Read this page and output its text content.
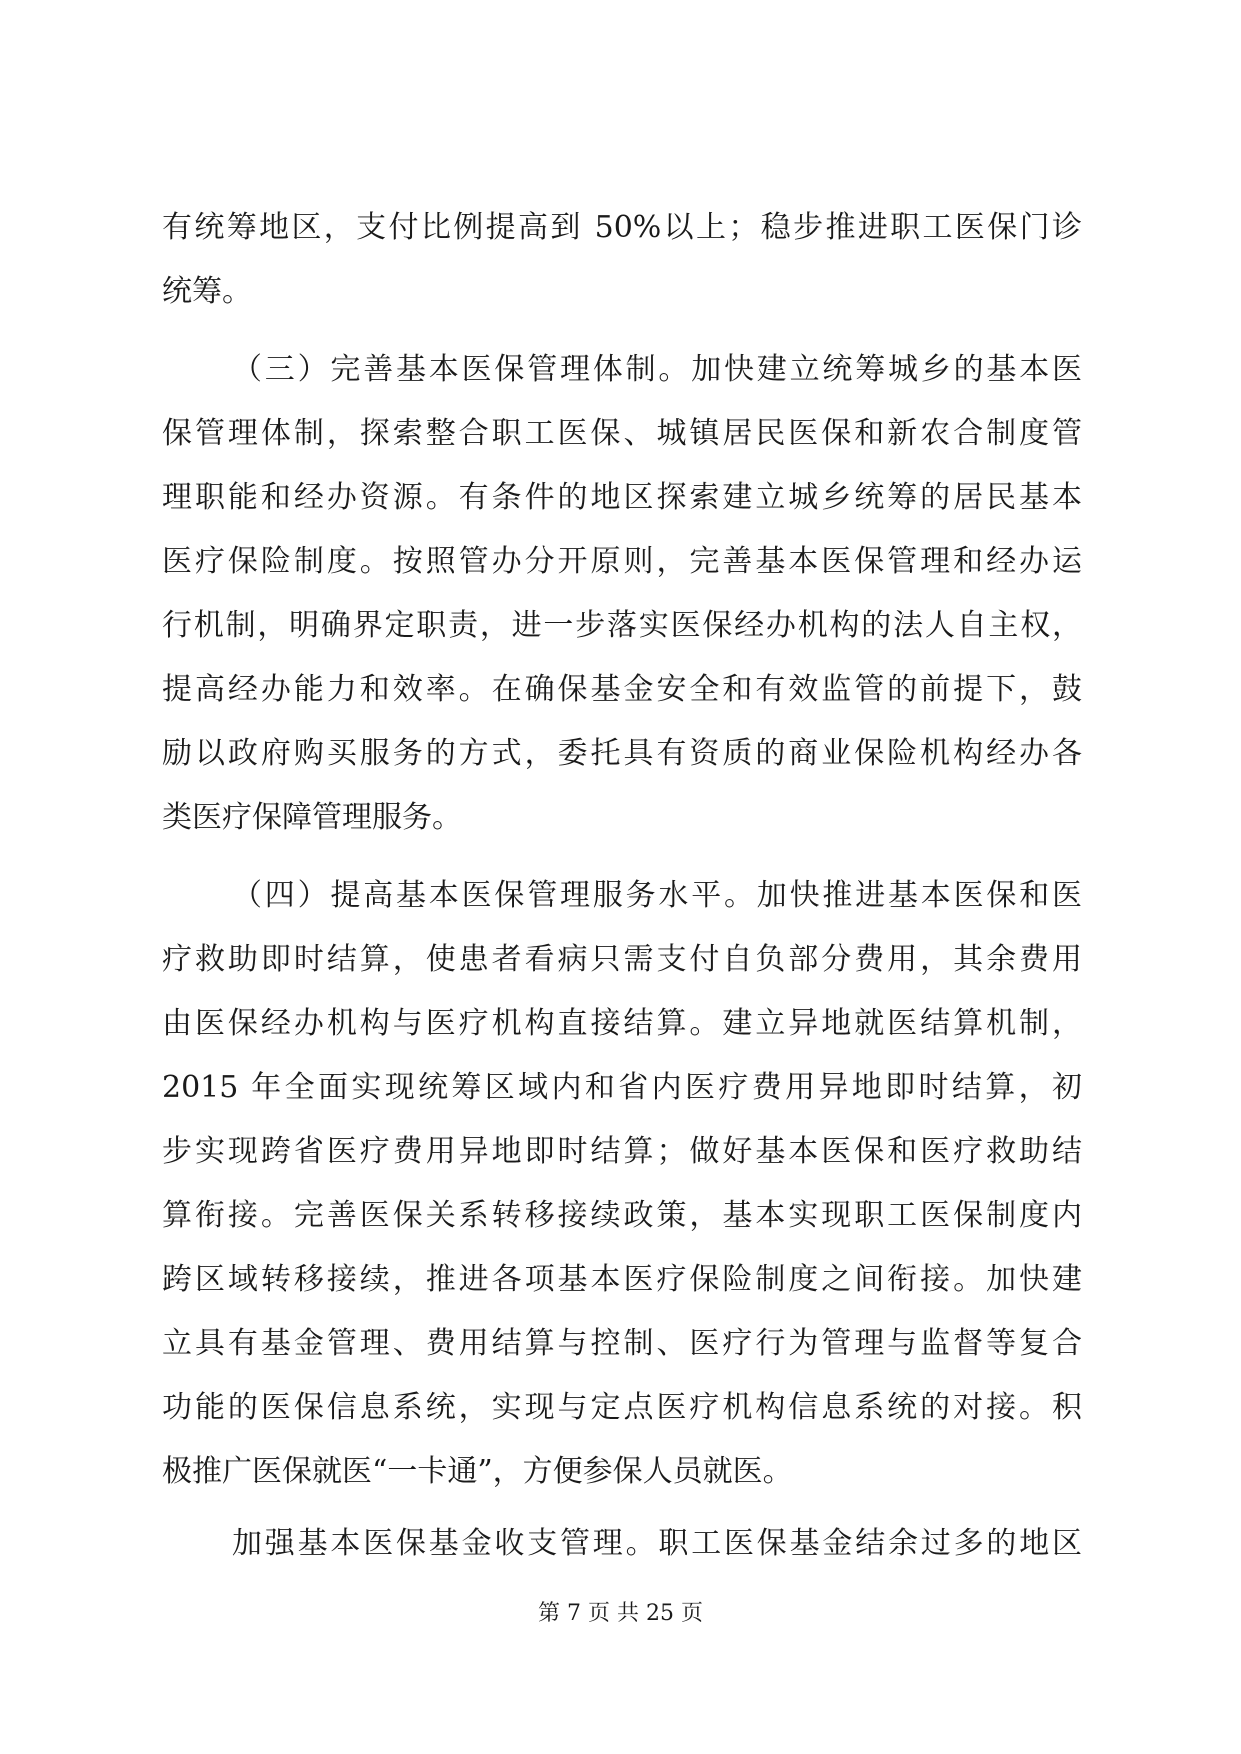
有统筹地区，支付比例提高到 50%以上；稳步推进职工医保门诊
统筹。
（三）完善基本医保管理体制。加快建立统筹城乡的基本医
保管理体制，探索整合职工医保、城镇居民医保和新农合制度管
理职能和经办资源。有条件的地区探索建立城乡统筹的居民基本
医疗保险制度。按照管办分开原则，完善基本医保管理和经办运
行机制，明确界定职责，进一步落实医保经办机构的法人自主权，
提高经办能力和效率。在确保基金安全和有效监管的前提下，鼓
励以政府购买服务的方式，委托具有资质的商业保险机构经办各
类医疗保障管理服务。
（四）提高基本医保管理服务水平。加快推进基本医保和医
疗救助即时结算，使患者看病只需支付自负部分费用，其余费用
由医保经办机构与医疗机构直接结算。建立异地就医结算机制，
2015 年全面实现统筹区域内和省内医疗费用异地即时结算，初
步实现跨省医疗费用异地即时结算；做好基本医保和医疗救助结
算衔接。完善医保关系转移接续政策，基本实现职工医保制度内
跨区域转移接续，推进各项基本医疗保险制度之间衔接。加快建
立具有基金管理、费用结算与控制、医疗行为管理与监督等复合
功能的医保信息系统，实现与定点医疗机构信息系统的对接。积
极推广医保就医“一卡通”，方便参保人员就医。
加强基本医保基金收支管理。职工医保基金结余过多的地区
第 7 页 共 25 页
